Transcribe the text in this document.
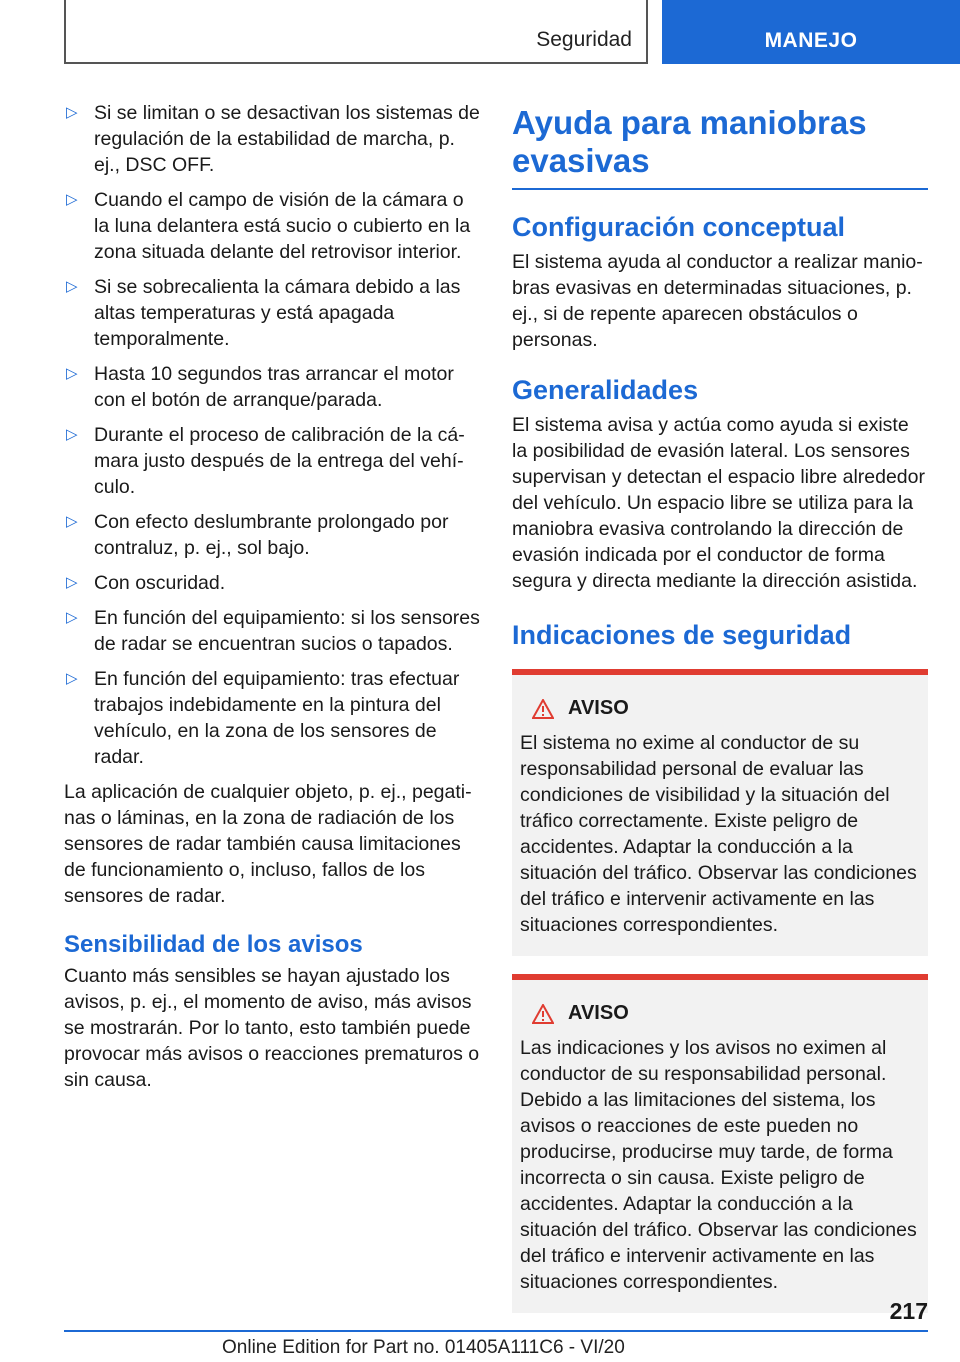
Seguridad	MANEJO
▷ Si se limitan o se desactivan los sistemas de regulación de la estabilidad de marcha, p. ej., DSC OFF.
▷ Cuando el campo de visión de la cámara o la luna delantera está sucio o cubierto en la zona situada delante del retrovisor interior.
▷ Si se sobrecalienta la cámara debido a las altas temperaturas y está apagada temporalmente.
▷ Hasta 10 segundos tras arrancar el motor con el botón de arranque/parada.
▷ Durante el proceso de calibración de la cámara justo después de la entrega del vehículo.
▷ Con efecto deslumbrante prolongado por contraluz, p. ej., sol bajo.
▷ Con oscuridad.
▷ En función del equipamiento: si los sensores de radar se encuentran sucios o tapados.
▷ En función del equipamiento: tras efectuar trabajos indebidamente en la pintura del vehículo, en la zona de los sensores de radar.

La aplicación de cualquier objeto, p. ej., pegatinas o láminas, en la zona de radiación de los sensores de radar también causa limitaciones de funcionamiento o, incluso, fallos de los sensores de radar.

Sensibilidad de los avisos

Cuanto más sensibles se hayan ajustado los avisos, p. ej., el momento de aviso, más avisos se mostrarán. Por lo tanto, esto también puede provocar más avisos o reacciones prematuros o sin causa.

Ayuda para maniobras evasivas
Configuración conceptual

El sistema ayuda al conductor a realizar maniobras evasivas en determinadas situaciones, p. ej., si de repente aparecen obstáculos o personas.

Generalidades

El sistema avisa y actúa como ayuda si existe la posibilidad de evasión lateral. Los sensores supervisan y detectan el espacio libre alrededor del vehículo. Un espacio libre se utiliza para la maniobra evasiva controlando la dirección de evasión indicada por el conductor de forma segura y directa mediante la dirección asistida.

Indicaciones de seguridad
AVISO

El sistema no exime al conductor de su responsabilidad personal de evaluar las condiciones de visibilidad y la situación del tráfico correctamente. Existe peligro de accidentes. Adaptar la conducción a la situación del tráfico. Observar las condiciones del tráfico e intervenir activamente en las situaciones correspondientes.

AVISO

Las indicaciones y los avisos no eximen al conductor de su responsabilidad personal. Debido a las limitaciones del sistema, los avisos o reacciones de este pueden no producirse, producirse muy tarde, de forma incorrecta o sin causa. Existe peligro de accidentes. Adaptar la conducción a la situación del tráfico. Observar las condiciones del tráfico e intervenir activamente en las situaciones correspondientes.

217
Online Edition for Part no. 01405A111C6 - VI/20
